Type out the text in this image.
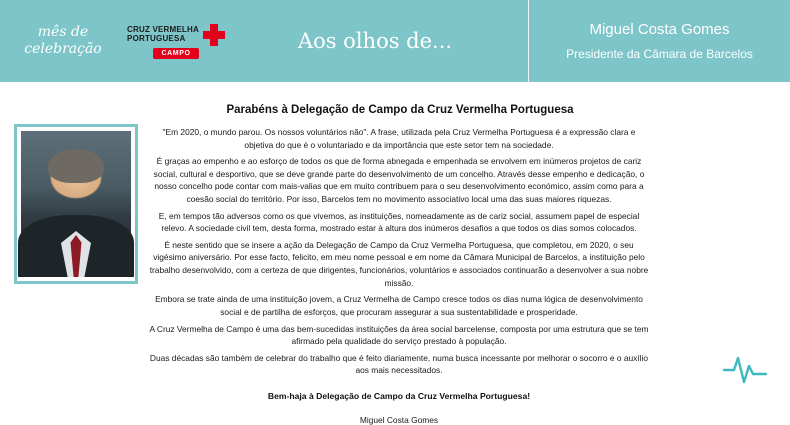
mês de
celebração
CRUZ VERMELHA
PORTUGUESA
CAMPO	Aos olhos de...	Miguel Costa Gomes
Presidente da Câmara de Barcelos
Parabéns à Delegação de Campo da Cruz Vermelha Portuguesa

"Em 2020, o mundo parou. Os nossos voluntários não". A frase, utilizada pela Cruz Vermelha Portuguesa é a expressão clara e objetiva do que é o voluntariado e da importância que este setor tem na sociedade.

É graças ao empenho e ao esforço de todos os que de forma abnegada e empenhada se envolvem em inúmeros projetos de cariz social, cultural e desportivo, que se deve grande parte do desenvolvimento de um concelho. Através desse empenho e dedicação, o nosso concelho pode contar com mais-valias que em muito contribuem para o seu desenvolvimento económico, assim como para a coesão social do território. Por isso, Barcelos tem no movimento associativo local uma das suas maiores riquezas.

E, em tempos tão adversos como os que vivemos, as instituições, nomeadamente as de cariz social, assumem papel de especial relevo. A sociedade civil tem, desta forma, mostrado estar à altura dos inúmeros desafios a que todos os dias somos colocados.

É neste sentido que se insere a ação da Delegação de Campo da Cruz Vermelha Portuguesa, que completou, em 2020, o seu vigésimo aniversário. Por esse facto, felicito, em meu nome pessoal e em nome da Câmara Municipal de Barcelos, a instituição pelo trabalho desenvolvido, com a certeza de que dirigentes, funcionários, voluntários e associados continuarão a desenvolver a sua nobre missão.

Embora se trate ainda de uma instituição jovem, a Cruz Vermelha de Campo cresce todos os dias numa lógica de desenvolvimento social e de partilha de esforços, que procuram assegurar a sua sustentabilidade e prosperidade.

A Cruz Vermelha de Campo é uma das bem-sucedidas instituições da área social barcelense, composta por uma estrutura que se tem afirmado pela qualidade do serviço prestado à população.

Duas décadas são também de celebrar do trabalho que é feito diariamente, numa busca incessante por melhorar o socorro e o auxílio aos mais necessitados.

Bem-haja à Delegação de Campo da Cruz Vermelha Portuguesa!
Miguel Costa Gomes
